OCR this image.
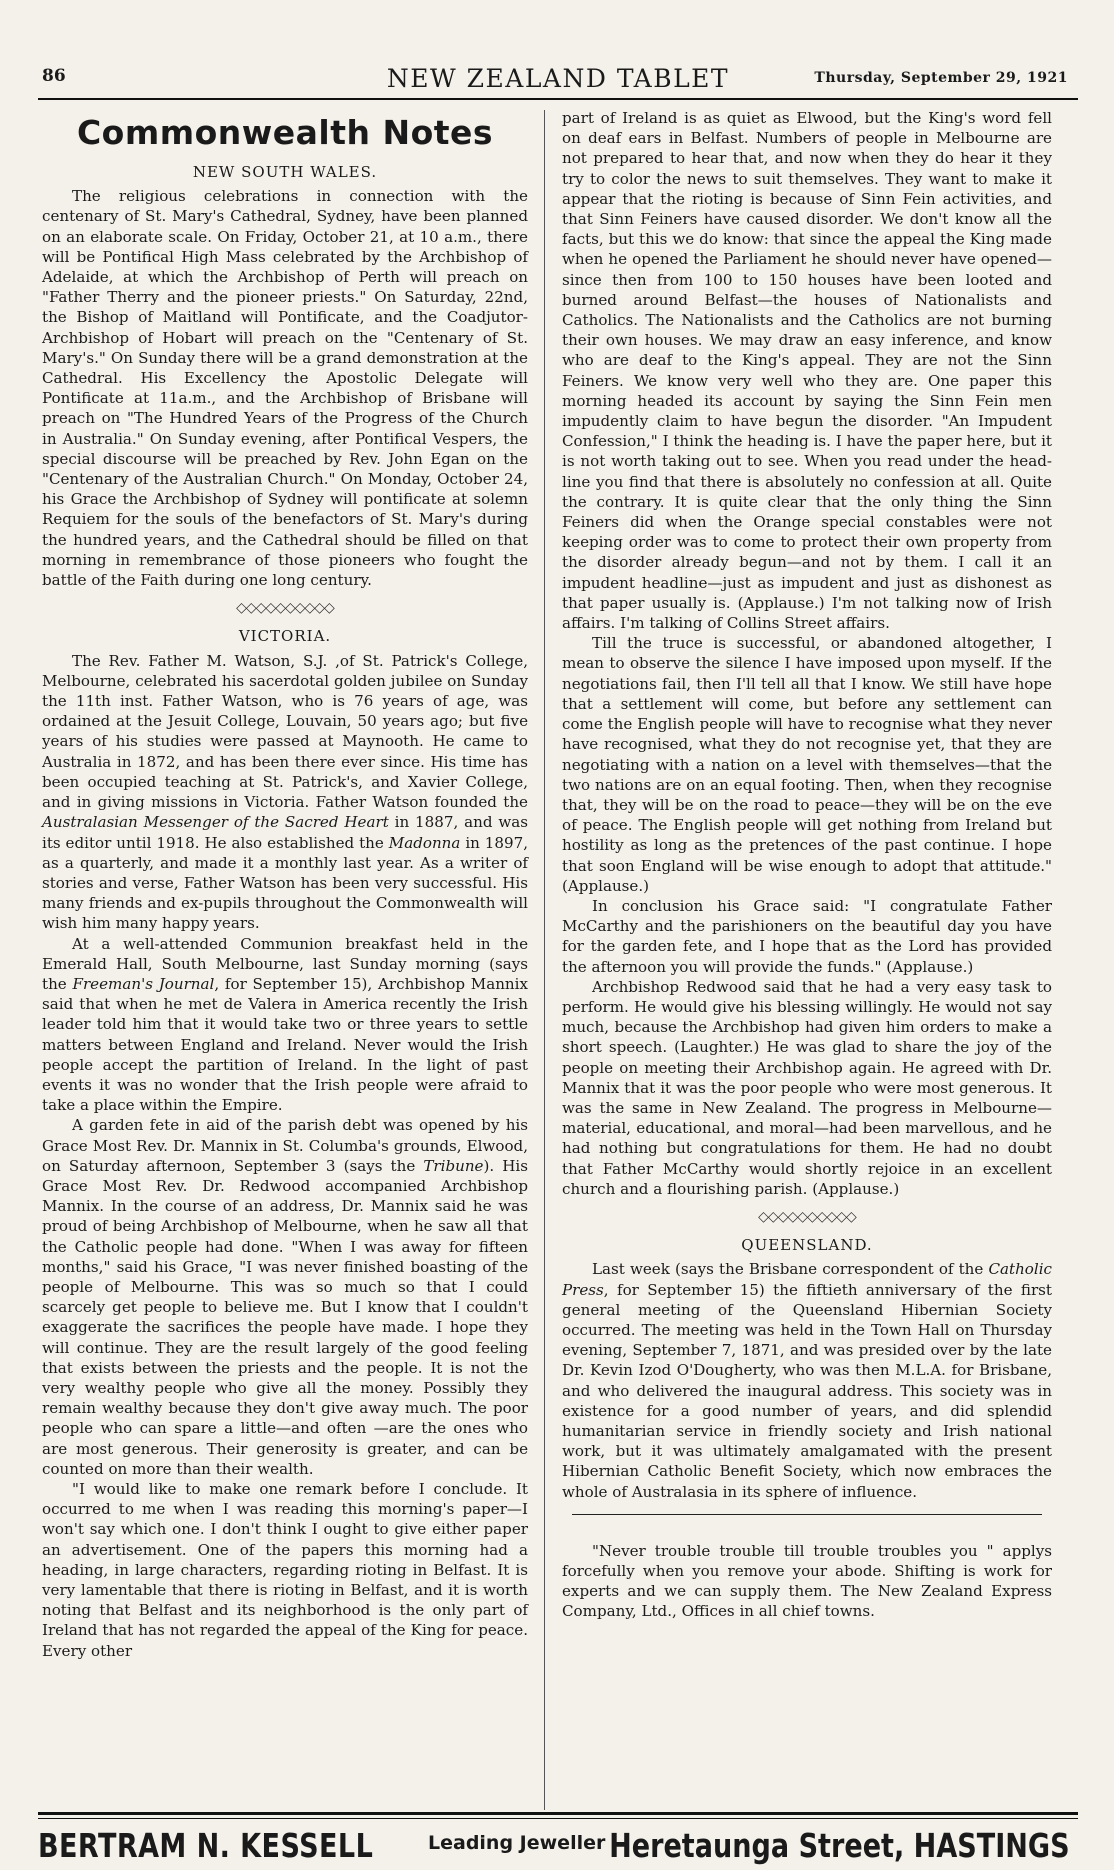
86	NEW ZEALAND TABLET	Thursday, September 29, 1921
Commonwealth Notes
NEW SOUTH WALES.

The religious celebrations in connection with the centenary of St. Mary's Cathedral, Sydney, have been planned on an elaborate scale. On Friday, October 21, at 10 a.m., there will be Pontifical High Mass celebrated by the Archbishop of Adelaide, at which the Archbishop of Perth will preach on "Father Therry and the pioneer priests." On Saturday, 22nd, the Bishop of Maitland will Pontificate, and the Coadjutor-Archbishop of Hobart will preach on the "Centenary of St. Mary's." On Sunday there will be a grand demonstration at the Cathedral. His Excellency the Apostolic Delegate will Pontificate at 11a.m., and the Archbishop of Brisbane will preach on "The Hundred Years of the Progress of the Church in Australia." On Sunday evening, after Pontifical Vespers, the special discourse will be preached by Rev. John Egan on the "Centenary of the Australian Church." On Monday, October 24, his Grace the Archbishop of Sydney will pontificate at solemn Requiem for the souls of the benefactors of St. Mary's during the hundred years, and the Cathedral should be filled on that morning in remembrance of those pioneers who fought the battle of the Faith during one long century.

◇◇◇◇◇◇◇◇◇◇
VICTORIA.

The Rev. Father M. Watson, S.J. ,of St. Patrick's College, Melbourne, celebrated his sacerdotal golden jubilee on Sunday the 11th inst. Father Watson, who is 76 years of age, was ordained at the Jesuit College, Louvain, 50 years ago; but five years of his studies were passed at Maynooth. He came to Australia in 1872, and has been there ever since. His time has been occupied teaching at St. Patrick's, and Xavier College, and in giving missions in Victoria. Father Watson founded the Australasian Messenger of the Sacred Heart in 1887, and was its editor until 1918. He also established the Madonna in 1897, as a quarterly, and made it a monthly last year. As a writer of stories and verse, Father Watson has been very successful. His many friends and ex-pupils throughout the Commonwealth will wish him many happy years.

At a well-attended Communion breakfast held in the Emerald Hall, South Melbourne, last Sunday morning (says the Freeman's Journal, for September 15), Archbishop Mannix said that when he met de Valera in America recently the Irish leader told him that it would take two or three years to settle matters between England and Ireland. Never would the Irish people accept the partition of Ireland. In the light of past events it was no wonder that the Irish people were afraid to take a place within the Empire.

A garden fete in aid of the parish debt was opened by his Grace Most Rev. Dr. Mannix in St. Columba's grounds, Elwood, on Saturday afternoon, September 3 (says the Tribune). His Grace Most Rev. Dr. Redwood accompanied Archbishop Mannix. In the course of an address, Dr. Mannix said he was proud of being Archbishop of Melbourne, when he saw all that the Catholic people had done. "When I was away for fifteen months," said his Grace, "I was never finished boasting of the people of Melbourne. This was so much so that I could scarcely get people to believe me. But I know that I couldn't exaggerate the sacrifices the people have made. I hope they will continue. They are the result largely of the good feeling that exists between the priests and the people. It is not the very wealthy people who give all the money. Possibly they remain wealthy because they don't give away much. The poor people who can spare a little—and often —are the ones who are most generous. Their generosity is greater, and can be counted on more than their wealth.

"I would like to make one remark before I conclude. It occurred to me when I was reading this morning's paper—I won't say which one. I don't think I ought to give either paper an advertisement. One of the papers this morning had a heading, in large characters, regarding rioting in Belfast. It is very lamentable that there is rioting in Belfast, and it is worth noting that Belfast and its neighborhood is the only part of Ireland that has not regarded the appeal of the King for peace. Every other

part of Ireland is as quiet as Elwood, but the King's word fell on deaf ears in Belfast. Numbers of people in Melbourne are not prepared to hear that, and now when they do hear it they try to color the news to suit themselves. They want to make it appear that the rioting is because of Sinn Fein activities, and that Sinn Feiners have caused disorder. We don't know all the facts, but this we do know: that since the appeal the King made when he opened the Parliament he should never have opened—since then from 100 to 150 houses have been looted and burned around Belfast—the houses of Nationalists and Catholics. The Nationalists and the Catholics are not burning their own houses. We may draw an easy inference, and know who are deaf to the King's appeal. They are not the Sinn Feiners. We know very well who they are. One paper this morning headed its account by saying the Sinn Fein men impudently claim to have begun the disorder. "An Impudent Confession," I think the heading is. I have the paper here, but it is not worth taking out to see. When you read under the head-line you find that there is absolutely no confession at all. Quite the contrary. It is quite clear that the only thing the Sinn Feiners did when the Orange special constables were not keeping order was to come to protect their own property from the disorder already begun—and not by them. I call it an impudent headline—just as impudent and just as dishonest as that paper usually is. (Applause.) I'm not talking now of Irish affairs. I'm talking of Collins Street affairs.

Till the truce is successful, or abandoned altogether, I mean to observe the silence I have imposed upon myself. If the negotiations fail, then I'll tell all that I know. We still have hope that a settlement will come, but before any settlement can come the English people will have to recognise what they never have recognised, what they do not recognise yet, that they are negotiating with a nation on a level with themselves—that the two nations are on an equal footing. Then, when they recognise that, they will be on the road to peace—they will be on the eve of peace. The English people will get nothing from Ireland but hostility as long as the pretences of the past continue. I hope that soon England will be wise enough to adopt that attitude." (Applause.)

In conclusion his Grace said: "I congratulate Father McCarthy and the parishioners on the beautiful day you have for the garden fete, and I hope that as the Lord has provided the afternoon you will provide the funds." (Applause.)

Archbishop Redwood said that he had a very easy task to perform. He would give his blessing willingly. He would not say much, because the Archbishop had given him orders to make a short speech. (Laughter.) He was glad to share the joy of the people on meeting their Archbishop again. He agreed with Dr. Mannix that it was the poor people who were most generous. It was the same in New Zealand. The progress in Melbourne—material, educational, and moral—had been marvellous, and he had nothing but congratulations for them. He had no doubt that Father McCarthy would shortly rejoice in an excellent church and a flourishing parish. (Applause.)

◇◇◇◇◇◇◇◇◇◇
QUEENSLAND.

Last week (says the Brisbane correspondent of the Catholic Press, for September 15) the fiftieth anniversary of the first general meeting of the Queensland Hibernian Society occurred. The meeting was held in the Town Hall on Thursday evening, September 7, 1871, and was presided over by the late Dr. Kevin Izod O'Dougherty, who was then M.L.A. for Brisbane, and who delivered the inaugural address. This society was in existence for a good number of years, and did splendid humanitarian service in friendly society and Irish national work, but it was ultimately amalgamated with the present Hibernian Catholic Benefit Society, which now embraces the whole of Australasia in its sphere of influence.

"Never trouble trouble till trouble troubles you " applys forcefully when you remove your abode. Shifting is work for experts and we can supply them. The New Zealand Express Company, Ltd., Offices in all chief towns.

BERTRAM N. KESSELL	Leading Jeweller Heretaunga Street, HASTINGS
